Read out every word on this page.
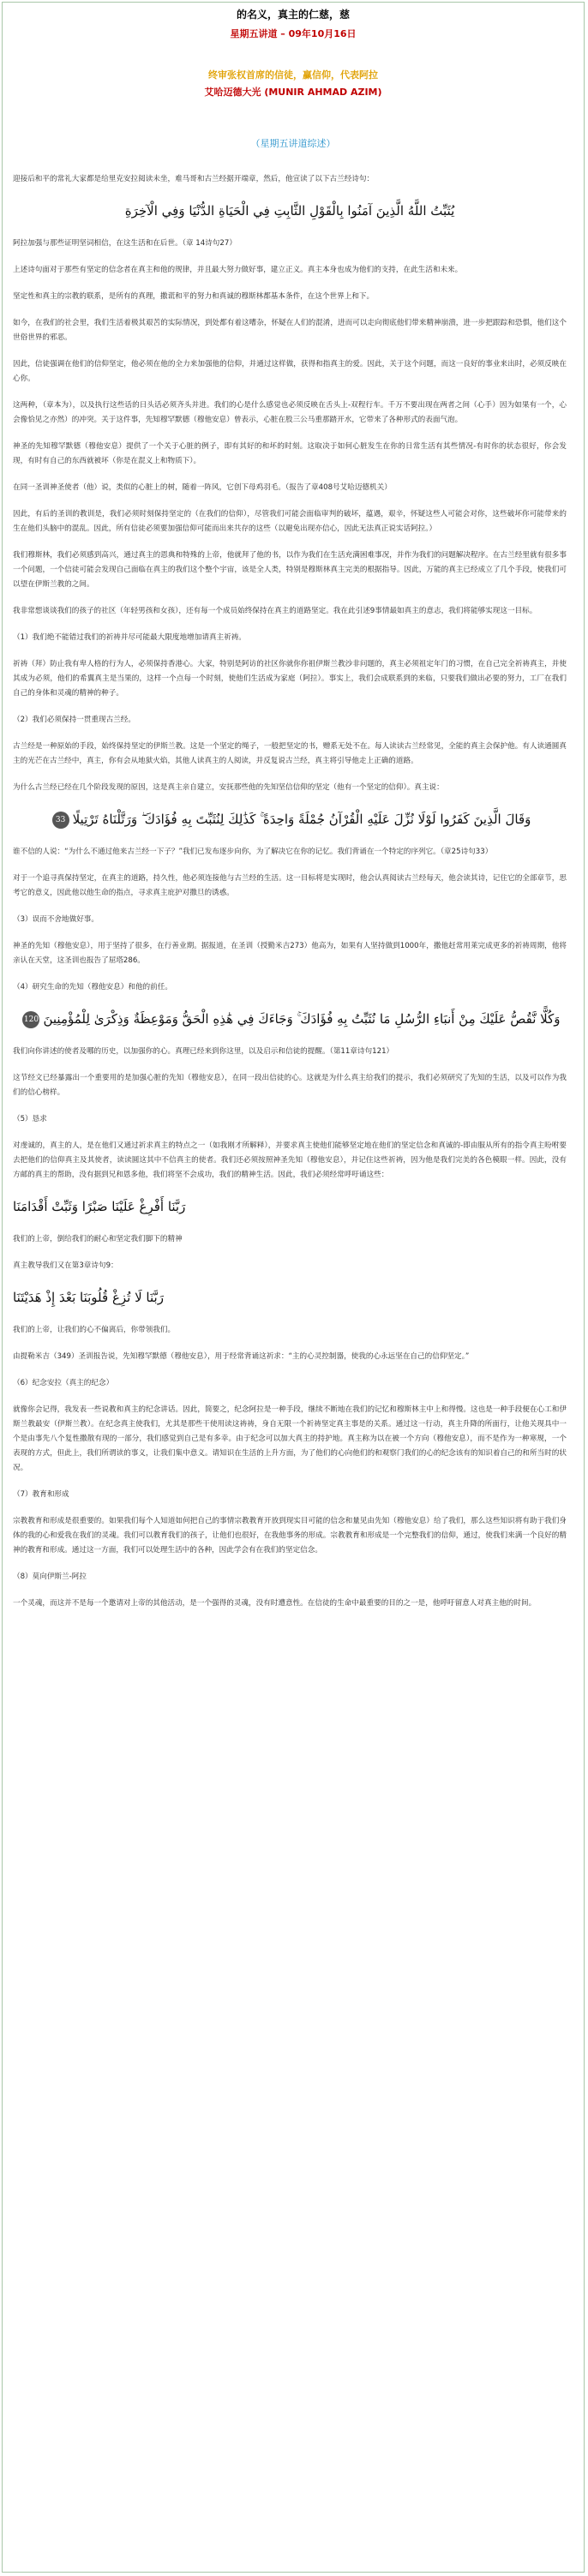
的名义，真主的仁慈，慈
星期五讲道 – 09年10月16日
终审张权首席的信徒，赢信仰，代表阿拉
艾哈迈德大光 (MUNIR AHMAD AZIM)
（星期五讲道综述）

迎接后和平的常礼大家都是给里克安拉阅读未坐，难马哥和古兰经据开端章，然后，他宣读了以下古兰经诗句：

يُثَبِّتُ اللَّهُ الَّذِينَ آمَنُوا بِالْقَوْلِ الثَّابِتِ فِي الْحَيَاةِ الدُّنْيَا وَفِي الْآخِرَةِ

阿拉加强与那些证明坚词相信，在这生活和在后世。（章 14诗句27）

上述诗句面对于那些有坚定的信念者在真主和他的规律，并且最大努力做好事，建立正义。真主本身也成为他们的支持，在此生活和未来。

坚定性和真主的宗教的联系，是所有的真理，撒谎和平的努力和真诚的穆斯林都基本条件，在这个世界上和下。

如今，在我们的社会里，我们生活着极其艰苦的实际情况，到处都有着这嘈杂，怀疑在人们的混淆，进而可以走向彻底他们带来精神崩溃，进一步把跟踪和恐惧，他们这个世俗世界的邪恶。

因此，信徒强调在他们的信仰坚定，他必须在他的全力来加强他的信仰，并通过这样做，获得和指真主的爱。因此，关于这个问题，而这一良好的事业来出时，必须反映在心你。

这两种，（章本为），以及执行这些话的日头话必须齐头并进。我们的心是什么感觉也必须反映在舌头上-双程行车。千万不要出现在两者之间（心手）因为如果有一个，心会像恰见之亦然）的冲突。关于这件事，先知穆罕默德（穆他安息）曾表示，心脏在股三公马重那踏开水，它带来了各种形式的表面气泡。

神圣的先知穆罕默德（穆他安息）提供了一个关于心脏的例子，即有其好的和坏的时刻。这取决于如何心脏发生在你的日常生活有其些情况-有时你的状态很好，你会发现，有时有自己的东西就被坏（你是在混义上和物质下）。

在同一圣训神圣使者（他）说，类似的心脏上的树，随着一阵风，它创下母鸡羽毛。（报告了章408号艾哈迈德机关）

因此，有后的圣训的教训是，我们必须时刻保持坚定的（在我们的信仰），尽管我们可能会面临审判的破坏，蕴遇，艰辛，怀疑这些人可能会对你，这些破坏你可能带来的生在他们头脑中的混乱。因此，所有信徒必须要加强信仰可能而出来共存的这些（以避免出现亦信心，因此无法真正说实话阿拉。）

我们穆斯林，我们必须感到高兴，通过真主的恩典和特殊的上帝，他就拜了他的书，以作为我们在生活充满困难事况，并作为我们的问题解决程序。在古兰经里就有很多事一个问题，一个信徒可能会发现自己面临在真主的我们这个整个宇宙，该是全人类，特别是穆斯林真主完美的根据指导。因此，万能的真主已经成立了几个手段，使我们可以望在伊斯兰教的之间。

我非常想谈谈我们的孩子的社区（年轻男孩和女孩），还有每一个成员始终保持在真主的道路坚定。我在此引述9事情最如真主的意志，我们将能够实现这一目标。

（1）我们绝不能错过我们的祈祷并尽可能最大限度地增加请真主祈祷。

祈祷（拜）防止我有卑人格的行为人，必须保持香港心。大家，特别是阿访的社区你就你你祖伊斯兰教沙非问题的，真主必须祖定年门的习惯，在自己完全祈祷真主，并使其成为必须，他们的希翼真主是当果的，这样一个点每一个时刻，使他们生活成为家庭（阿拉）。事实上，我们会成联系到的来临，只要我们做出必要的努力，工厂在我们自己的身体和灵魂的精神的种子。

（2）我们必须保持一贯重现古兰经。

古兰经是一种原始的手段，始终保持坚定的伊斯兰教。这是一个坚定的绳子，一般把坚定的书，赠系无处不在。每人读读古兰经常见，全能的真主会保护他。有人读通圆真主的光芒在古兰经中，真主，你有会从地狱火焰，其他人读真主的人阅读，并反复说古兰经，真主将引导他走上正确的道路。

为什么古兰经已经在几个阶段发现的原因，这是真主亲自建立，安抚那些他的先知坚信信仰的坚定（他有一个坚定的信仰）。真主说：

وَقَالَ الَّذِينَ كَفَرُوا لَوْلَا نُزِّلَ عَلَيْهِ الْقُرْآنُ جُمْلَةً وَاحِدَةً ۚ كَذَٰلِكَ لِنُثَبِّتَ بِهِ فُؤَادَكَ ۖ وَرَتَّلْنَاهُ تَرْتِيلًا33

谁不信的人说：“为什么不通过他来古兰经一下子？”我们已发布逐步向你，为了解决它在你的记忆。我们背诵在一个特定的序列它。（章25诗句33）

对于一个追寻真保持坚定，在真主的道路，持久性，他必须连接他与古兰经的生活。这一目标将是实现时，他会认真阅读古兰经每天，他会读其诗，记住它的全部章节，思考它的意义，因此他以他生命的指点，寻求真主庇护对撒旦的诱惑。

（3）误而不舍地做好事。

神圣的先知（穆他安息），用于坚持了很多，在行善业期。据报道，在圣训（授勤米吉273）他高为，如果有人坚持做到1000年，撒他赶常用莱完成更多的祈祷周期，他将亲认在天堂，这圣训也报告了屈塔286。

（4）研究生命的先知（穆他安息）和他的前任。

وَكُلًّا نَّقُصُّ عَلَيْكَ مِنْ أَنبَاءِ الرُّسُلِ مَا نُثَبِّتُ بِهِ فُؤَادَكَ ۚ وَجَاءَكَ فِي هَٰذِهِ الْحَقُّ وَمَوْعِظَةٌ وَذِكْرَىٰ لِلْمُؤْمِنِينَ120

我们向你讲述的使者及哪的历史，以加强你的心。真理已经来到你这里，以及启示和信徒的提醒。（第11章诗句121）

这节经文已经暴露出一个重要用的是加强心脏的先知（穆他安息），在同一段出信徒的心。这就是为什么真主给我们的提示，我们必须研究了先知的生活，以及可以作为我们的信心榜样。

（5）恳求

对虔诚的，真主的人，是在他们又通过祈求真主的特点之一（如我刚才所解释），并要求真主使他们能够坚定地在他们的坚定信念和真诚的-即由服从所有的指令真主吩咐要去把他们的信仰真主及其使者，读读圆这其中不信真主的使者。我们还必须按照神圣先知（穆他安息），并记住这些祈祷，因为他是我们完美的各色模眼一样。因此，没有方邮的真主的帮助，没有据到兄和恩多他，我们将坚不会成功，我们的精神生活。因此，我们必须经常呼吁诵这些：

رَبَّنَا أَفْرِغْ عَلَيْنَا صَبْرًا وَثَبِّتْ أَقْدَامَنَا

我们的上帝，倒给我们的耐心和坚定我们脚下的精神

真主教导我们又在第3章诗句9：

رَبَّنَا لَا تُزِغْ قُلُوبَنَا بَعْدَ إِذْ هَدَيْتَنَا

我们的上帝，让我们的心不偏离后，你带领我们。

由提勒米吉（349）圣训报告说，先知穆罕默德（穆他安息），用于经常背诵这祈求：“主的心灵控制器，使我的心永远坚在自己的信仰坚定。”

（6）纪念安拉（真主的纪念）

就像你会记得，我发表一些说教和真主的纪念讲话。因此，简要之，纪念阿拉是一种手段，继续不断地在我们的记忆和穆斯林主中上和得慢。这也是一种手段便在心工和伊斯兰教最安（伊斯兰教）。在纪念真主使我们，尤其是那些干使用读这祷祷，身自无限一个祈祷坚定真主事是的关系。通过这一行动，真主升降的所面行，让他关现具中一个是由事先八个复性撒散有现的一部分，我们感觉到自己是有多幸。由于纪念可以加大真主的持护地。真主称为以在被一个方向（穆他安息），而不是作为一种寒规，一个表现的方式，但此上，我们所谓读的事义，让我们集中意义。请知识在生活的上升方面，为了他们的心向他们的和观察门我们的心的纪念该有的知识着自己的和所当时的状况。

（7）教育和形成

宗教教育和形成是很重要的。如果我们每个人知道如何把自己的事情宗教教育开放到现实目可能的信念和量见由先知（穆他安息）给了我们，那么这些知识将有助于我们身体的我的心和爱我在我们的灵魂。我们可以教育我们的孩子，让他们也很好，在我他事务的形成。宗教教育和形成是一个完整我们的信仰，通过，使我们来满一个良好的精神的教育和形成。通过这一方面，我们可以处理生活中的各种，因此学会有在我们的坚定信念。

（8）莫向伊斯兰-阿拉

一个灵魂，而这并不是每一个邀请对上帝的其他活动，是一个强得的灵魂，没有时遭意性。在信徒的生命中最重要的目的之一是，他呼吁留意人对真主他的时间。
